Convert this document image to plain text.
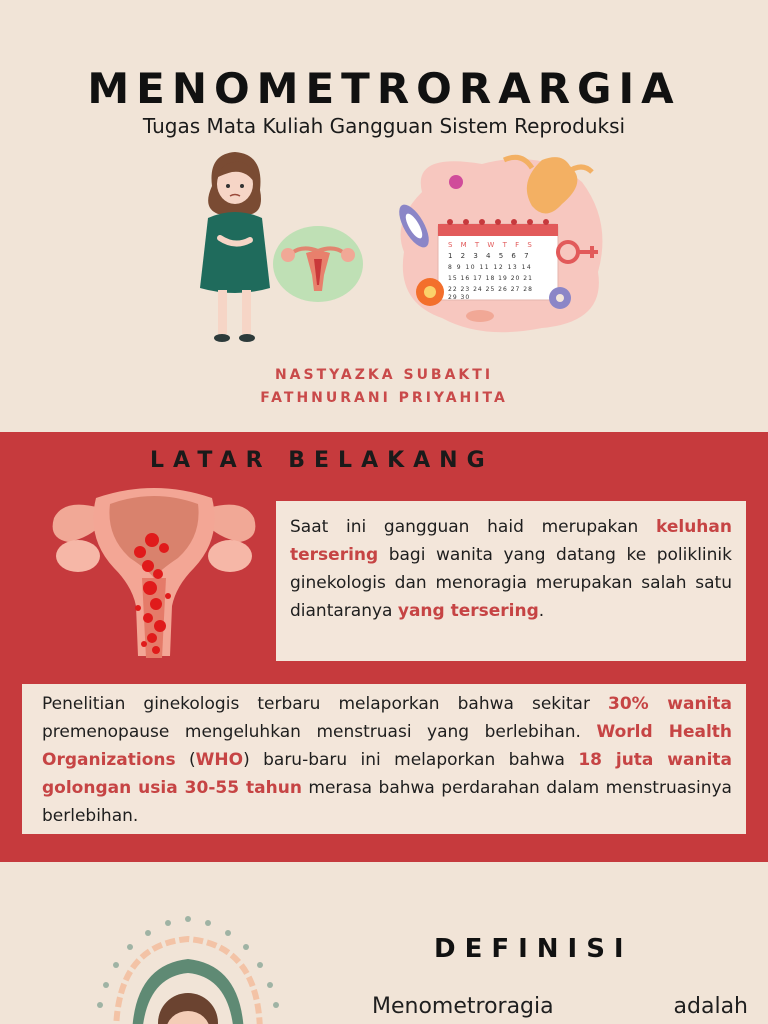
MENOMETRORARGIA
Tugas Mata Kuliah Gangguan Sistem Reproduksi
S M T W T F S
1 2 3 4 5 6 7
8 9 10 11 12 13 14
15 16 17 18 19 20 21
22 23 24 25 26 27 28
29 30
NASTYAZKA SUBAKTI
FATHNURANI PRIYAHITA
LATAR BELAKANG
Saat ini gangguan haid merupakan keluhan tersering bagi wanita yang datang ke poliklinik ginekologis dan menoragia merupakan salah satu diantaranya yang tersering.
Penelitian ginekologis terbaru melaporkan bahwa sekitar 30% wanita premenopause mengeluhkan menstruasi yang berlebihan. World Health Organizations (WHO) baru-baru ini melaporkan bahwa 18 juta wanita golongan usia 30-55 tahun merasa bahwa perdarahan dalam menstruasinya berlebihan.
DEFINISI
Menometroragia	adalah
